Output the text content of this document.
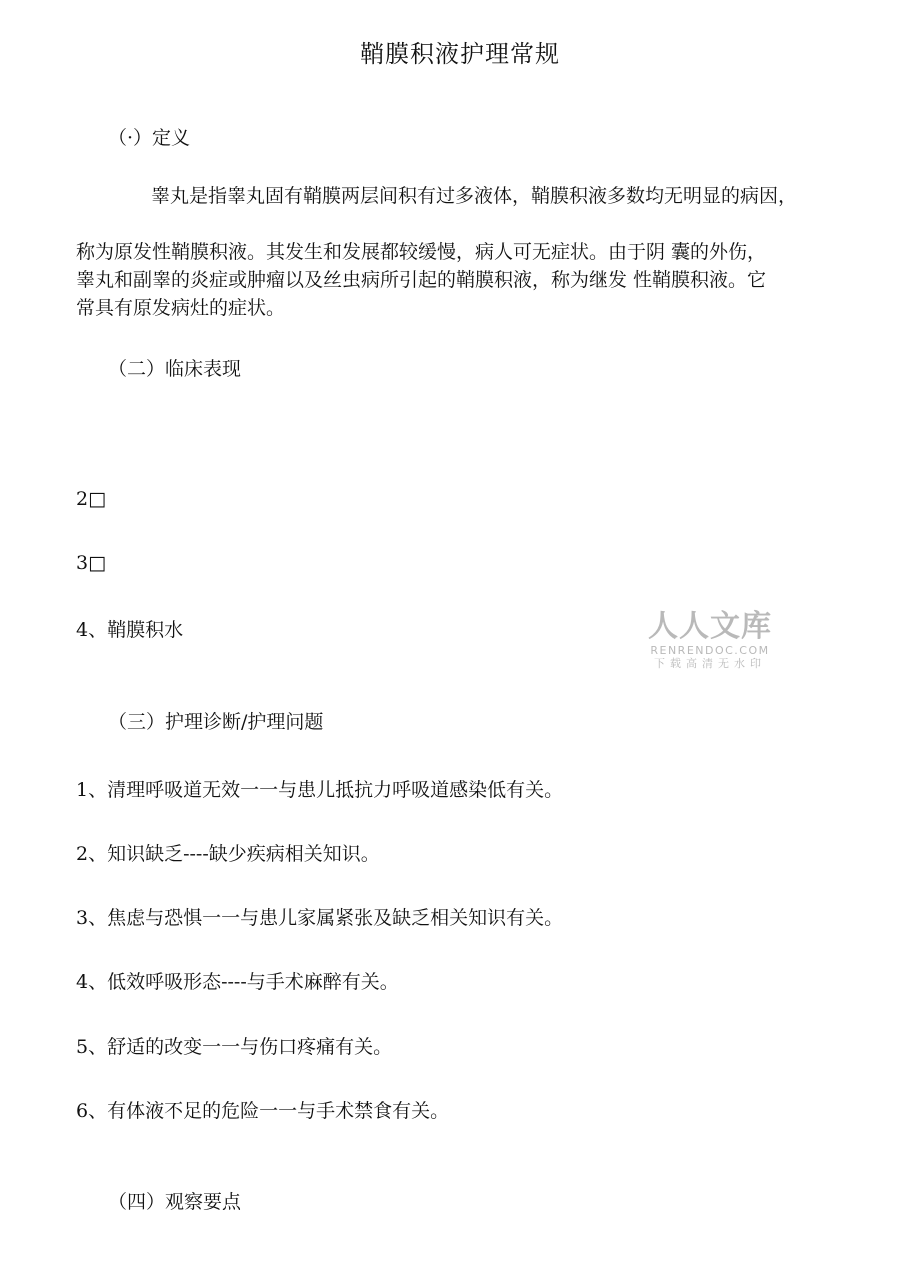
鞘膜积液护理常规
（·）定义
睾丸是指睾丸固有鞘膜两层间积有过多液体，鞘膜积液多数均无明显的病因，
称为原发性鞘膜积液。其发生和发展都较缓慢，病人可无症状。由于阴 囊的外伤，
睾丸和副睾的炎症或肿瘤以及丝虫病所引起的鞘膜积液，称为继发 性鞘膜积液。它
常具有原发病灶的症状。
（二）临床表现
2□
3□
4、鞘膜积水
（三）护理诊断/护理问题
1、清理呼吸道无效一一与患儿抵抗力呼吸道感染低有关。
2、知识缺乏----缺少疾病相关知识。
3、焦虑与恐惧一一与患儿家属紧张及缺乏相关知识有关。
4、低效呼吸形态----与手术麻醉有关。
5、舒适的改变一一与伤口疼痛有关。
6、有体液不足的危险一一与手术禁食有关。
（四）观察要点
人人文库
RENRENDOC.COM
下载高清无水印
